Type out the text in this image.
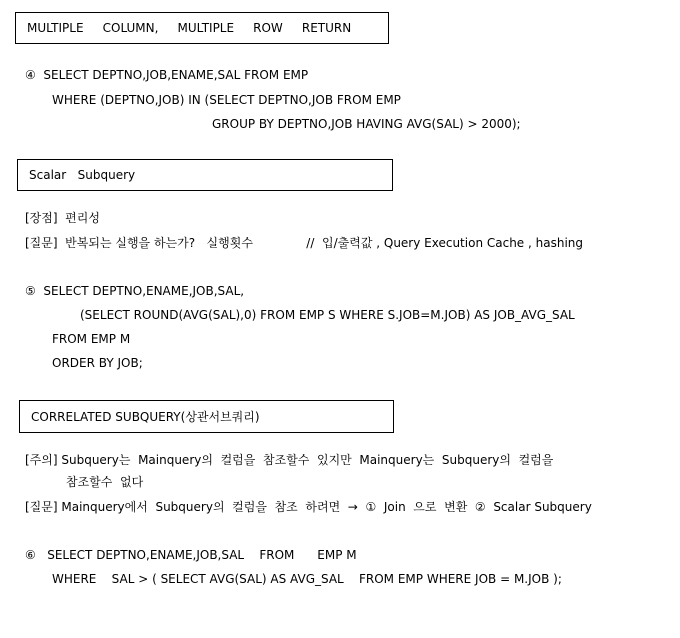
MULTIPLE     COLUMN,     MULTIPLE     ROW     RETURN
④  SELECT DEPTNO,JOB,ENAME,SAL FROM EMP
WHERE (DEPTNO,JOB) IN (SELECT DEPTNO,JOB FROM EMP
GROUP BY DEPTNO,JOB HAVING AVG(SAL) > 2000);
Scalar   Subquery
[장점]  편리성
[질문]  반복되는 실행을 하는가?   실행횟수              //  입/출력값 , Query Execution Cache , hashing
⑤  SELECT DEPTNO,ENAME,JOB,SAL,
(SELECT ROUND(AVG(SAL),0) FROM EMP S WHERE S.JOB=M.JOB) AS JOB_AVG_SAL
FROM EMP M
ORDER BY JOB;
CORRELATED SUBQUERY(상관서브쿼리)
[주의] Subquery는  Mainquery의  컬럼을  참조할수  있지만  Mainquery는  Subquery의  컬럼을
참조할수  없다
[질문] Mainquery에서  Subquery의  컬럼을  참조  하려면  →  ①  Join  으로  변환  ②  Scalar Subquery
⑥   SELECT DEPTNO,ENAME,JOB,SAL    FROM      EMP M
WHERE    SAL > ( SELECT AVG(SAL) AS AVG_SAL    FROM EMP WHERE JOB = M.JOB );
